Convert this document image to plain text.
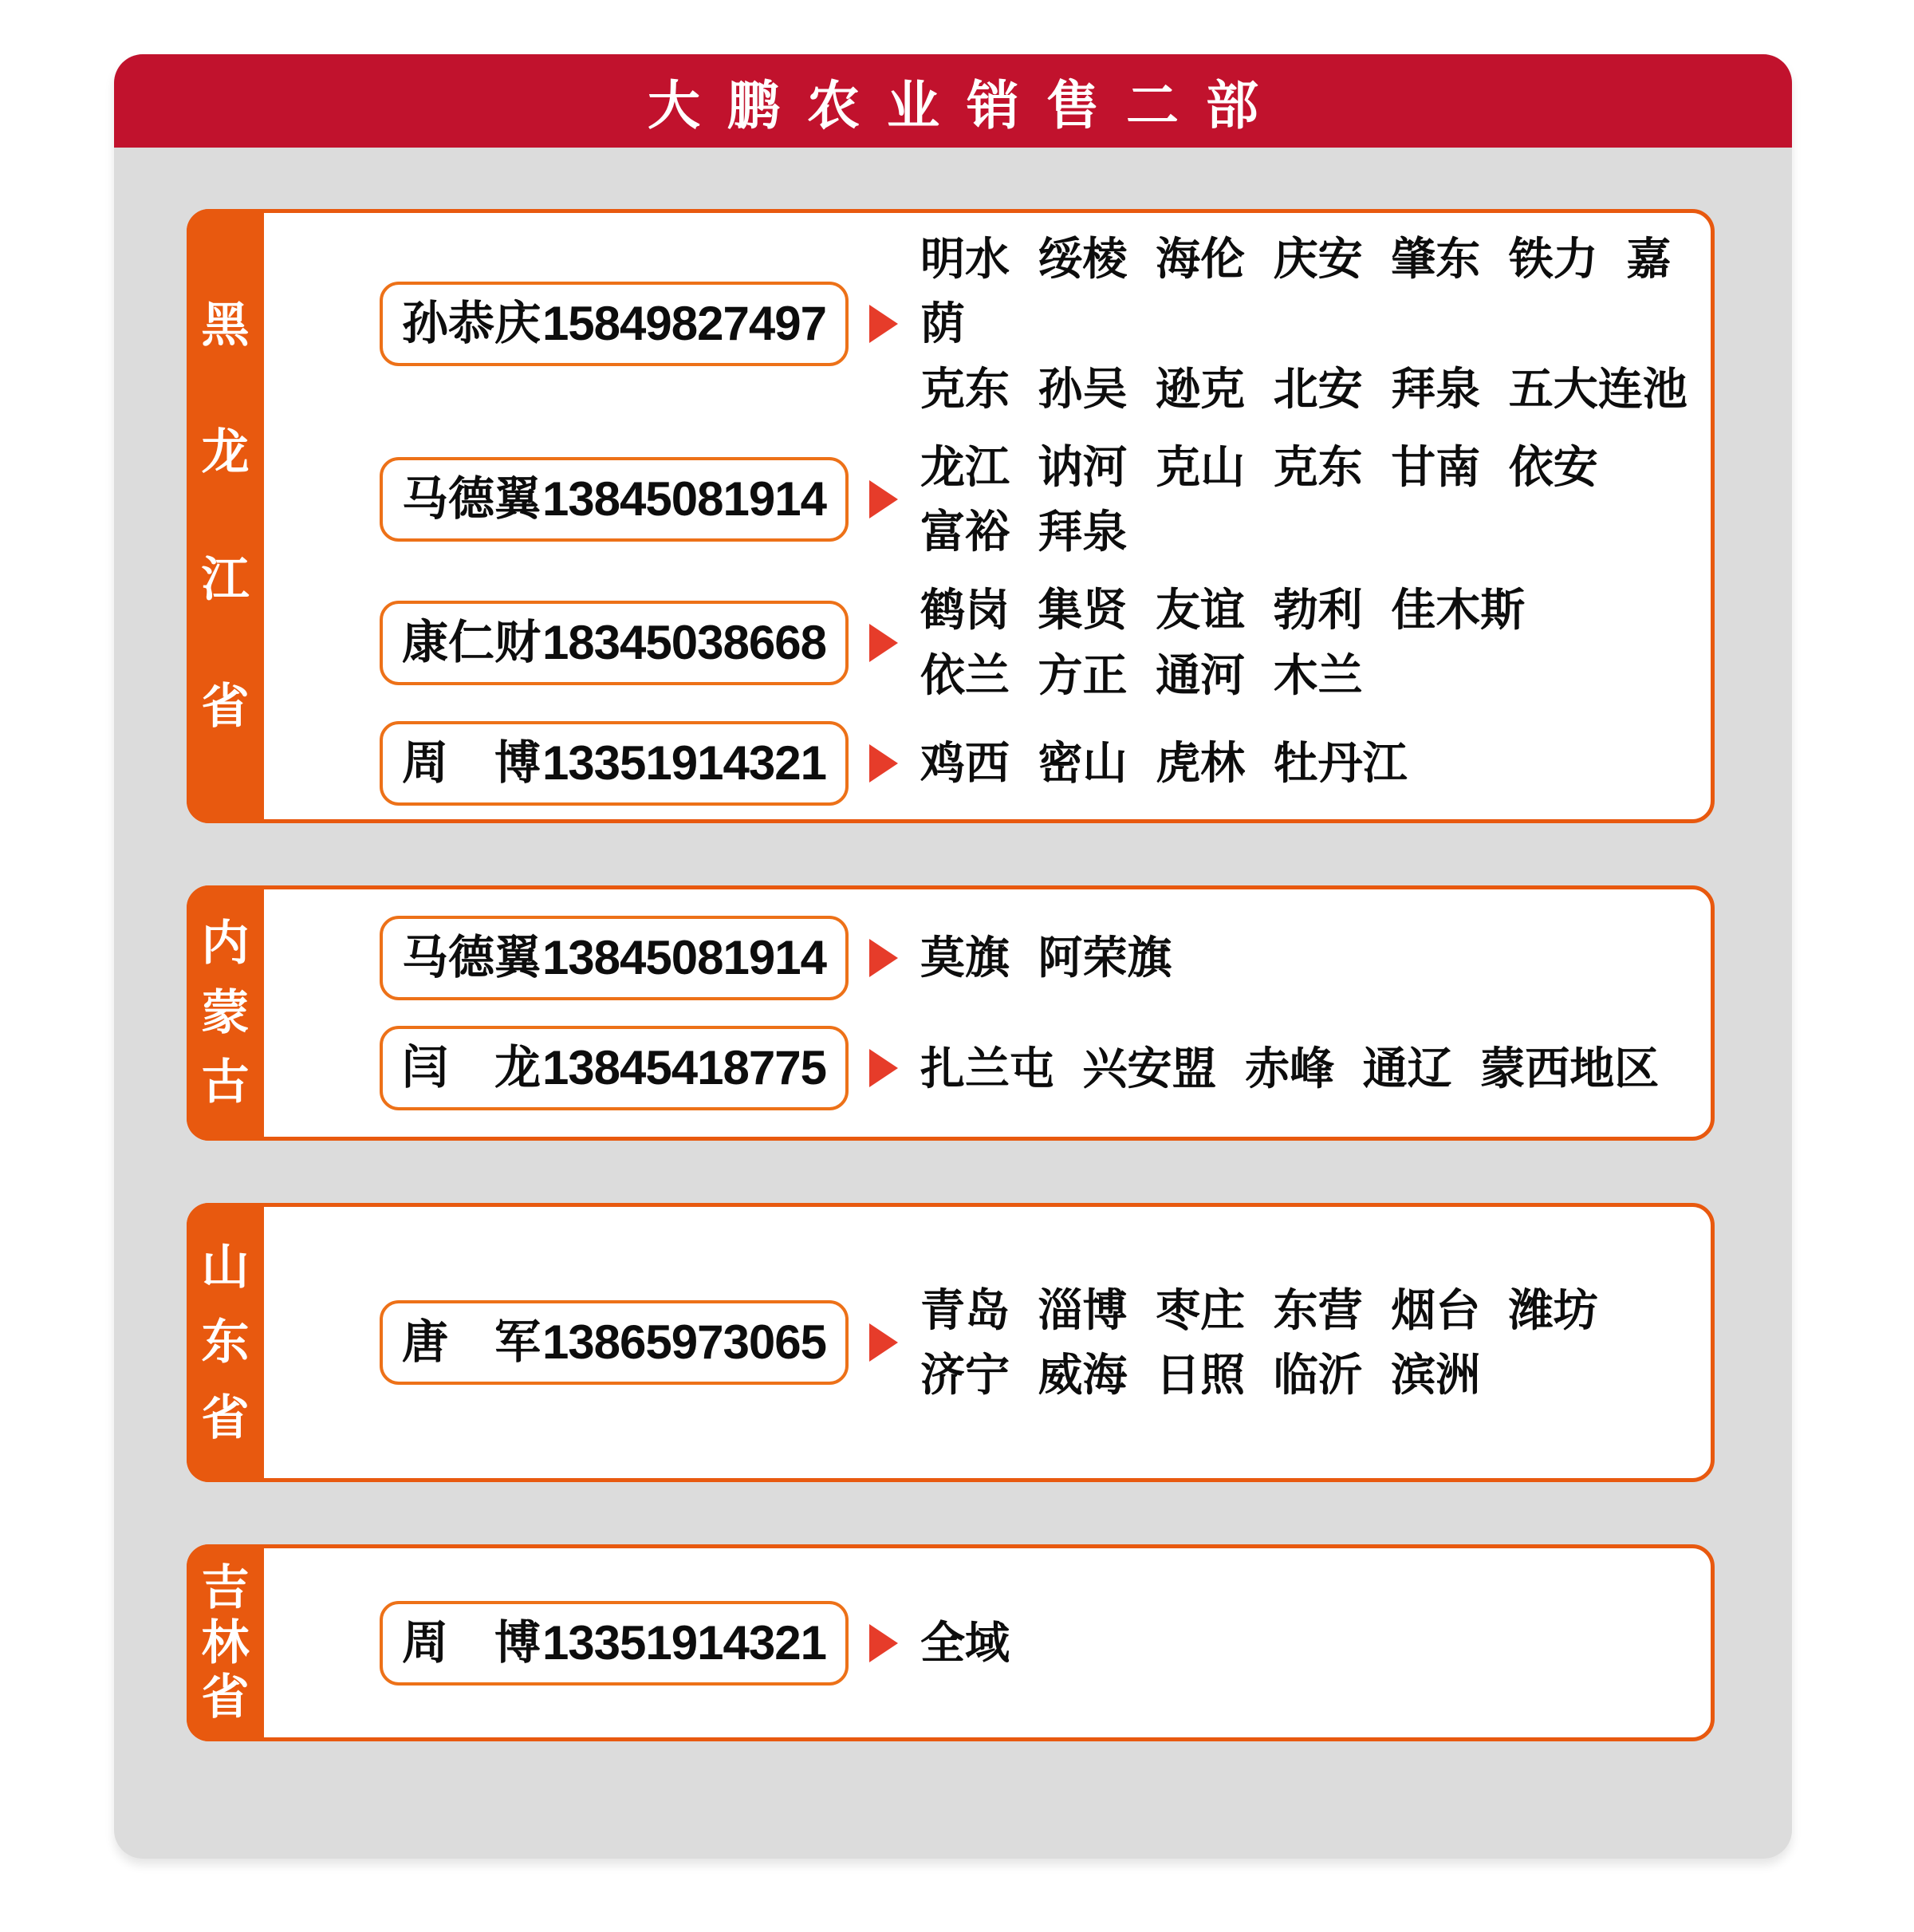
大鹏农业销售二部
黑
龙
江
省
孙恭庆 15849827497
明水 绥棱 海伦 庆安 肇东 铁力 嘉荫
克东 孙吴 逊克 北安 拜泉 五大连池
马德翼 13845081914
龙江 讷河 克山 克东 甘南 依安
富裕 拜泉
康仁财 18345038668
鹤岗 集贤 友谊 勃利 佳木斯
依兰 方正 通河 木兰
周　博 13351914321 鸡西 密山 虎林 牡丹江
内
蒙
古
马德翼 13845081914 莫旗 阿荣旗
闫　龙 13845418775 扎兰屯 兴安盟 赤峰 通辽 蒙西地区
山
东
省
唐　军 13865973065
青岛 淄博 枣庄 东营 烟台 潍坊
济宁 威海 日照 临沂 滨洲
吉
林
省
周　博 13351914321 全域
